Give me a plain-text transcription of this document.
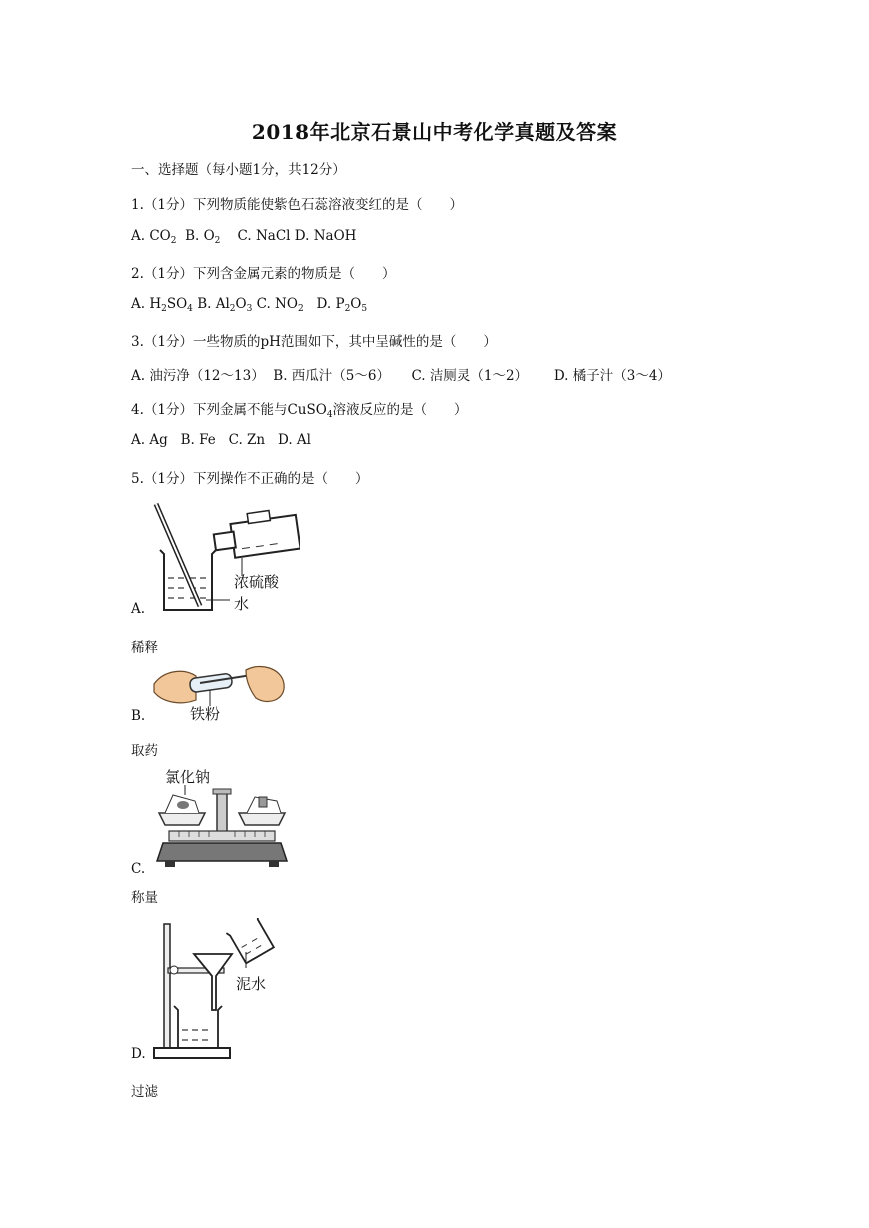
2018年北京石景山中考化学真题及答案
一、选择题（每小题1分，共12分）
1.（1分）下列物质能使紫色石蕊溶液变红的是（　　）
A. $CO_2$ B. $O_2$ C. NaCl D. NaOH
2.（1分）下列含金属元素的物质是（　　）
A. $H_2SO_4$ B. $Al_2O_3$ C. $NO_2$ D. $P_2O_5$
3.（1分）一些物质的pH范围如下，其中呈碱性的是（　　）
A. 油污净（12～13） B. 西瓜汁（5～6） C. 洁厕灵（1～2） D. 橘子汁（3～4）
4.（1分）下列金属不能与CuSO$_4$溶液反应的是（　　）
A. Ag B. Fe C. Zn D. Al
5.（1分）下列操作不正确的是（　　）
浓硫酸
水
A.
稀释
铁粉
B.
取药
氯化钠
C.
称量
泥水
D.
过滤
